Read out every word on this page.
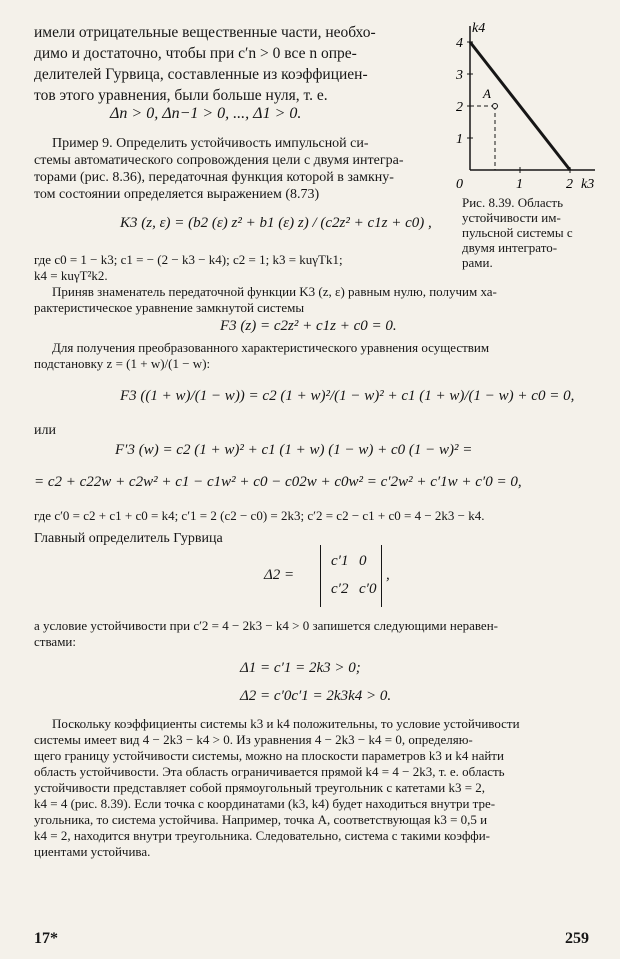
имели отрицательные вещественные части, необхо-
димо и достаточно, чтобы при c′n > 0 все n опре-
делителей Гурвица, составленные из коэффициен-
тов этого уравнения, были больше нуля, т. е.
Δn > 0, Δn−1 > 0, ..., Δ1 > 0.
Пример 9. Определить устойчивость импульсной си-
стемы автоматического сопровождения цели с двумя интегра-
торами (рис. 8.36), передаточная функция которой в замкну-
том состоянии определяется выражением (8.73)
K3 (z, ε) = (b2 (ε) z² + b1 (ε) z) / (c2z² + c1z + c0) ,
где c0 = 1 − k3; c1 = − (2 − k3 − k4); c2 = 1; k3 = kuγTk1;
k4 = kuγT²k2.
Приняв знаменатель передаточной функции K3 (z, ε) равным нулю, получим ха-
рактеристическое уравнение замкнутой системы
F3 (z) = c2z² + c1z + c0 = 0.
Для получения преобразованного характеристического уравнения осуществим
подстановку z = (1 + w)/(1 − w):
F3 ((1 + w)/(1 − w)) = c2 (1 + w)²/(1 − w)² + c1 (1 + w)/(1 − w) + c0 = 0,
или
F′3 (w) = c2 (1 + w)² + c1 (1 + w) (1 − w) + c0 (1 − w)² =
= c2 + c22w + c2w² + c1 − c1w² + c0 − c02w + c0w² = c′2w² + c′1w + c′0 = 0,
где c′0 = c2 + c1 + c0 = k4; c′1 = 2 (c2 − c0) = 2k3; c′2 = c2 − c1 + c0 = 4 − 2k3 − k4.
Главный определитель Гурвица
Δ2 =
c′1 0
c′2 c′0
,
а условие устойчивости при c′2 = 4 − 2k3 − k4 > 0 запишется следующими неравен-
ствами:
Δ1 = c′1 = 2k3 > 0;
Δ2 = c′0c′1 = 2k3k4 > 0.
Поскольку коэффициенты системы k3 и k4 положительны, то условие устойчивости
системы имеет вид 4 − 2k3 − k4 > 0. Из уравнения 4 − 2k3 − k4 = 0, определяю-
щего границу устойчивости системы, можно на плоскости параметров k3 и k4 найти
область устойчивости. Эта область ограничивается прямой k4 = 4 − 2k3, т. е. область
устойчивости представляет собой прямоугольный треугольник с катетами k3 = 2,
k4 = 4 (рис. 8.39). Если точка с координатами (k3, k4) будет находиться внутри тре-
угольника, то система устойчива. Например, точка A, соответствующая k3 = 0,5 и
k4 = 2, находится внутри треугольника. Следовательно, система с такими коэффи-
циентами устойчива.
17*	259
A
4
3
2
1
1	2
0
k4
k3
Рис. 8.39. Область
устойчивости им-
пульсной системы с
двумя интеграто-
рами.
